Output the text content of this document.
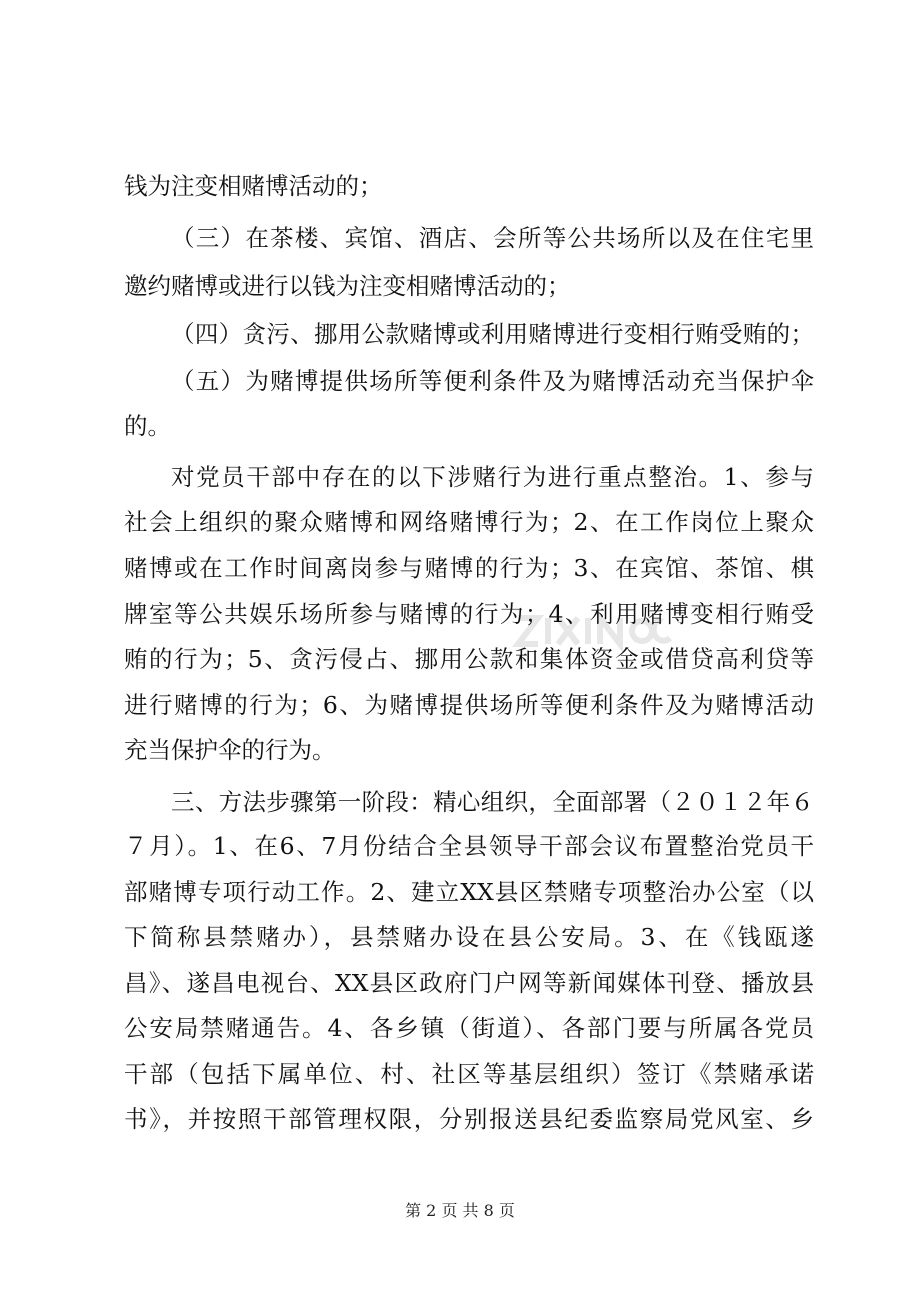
钱为注变相赌博活动的；
（三）在茶楼、宾馆、酒店、会所等公共场所以及在住宅里
邀约赌博或进行以钱为注变相赌博活动的；
（四）贪污、挪用公款赌博或利用赌博进行变相行贿受贿的；
（五）为赌博提供场所等便利条件及为赌博活动充当保护伞
的。
对党员干部中存在的以下涉赌行为进行重点整治。1、参与
社会上组织的聚众赌博和网络赌博行为；2、在工作岗位上聚众
赌博或在工作时间离岗参与赌博的行为；3、在宾馆、茶馆、棋
牌室等公共娱乐场所参与赌博的行为；4、利用赌博变相行贿受
贿的行为；5、贪污侵占、挪用公款和集体资金或借贷高利贷等
进行赌博的行为；6、为赌博提供场所等便利条件及为赌博活动
充当保护伞的行为。
三、方法步骤第一阶段：精心组织，全面部署（２０１２年６
７月）。1、在6、7月份结合全县领导干部会议布置整治党员干
部赌博专项行动工作。2、建立XX县区禁赌专项整治办公室（以
下简称县禁赌办），县禁赌办设在县公安局。3、在《钱瓯遂
昌》、遂昌电视台、XX县区政府门户网等新闻媒体刊登、播放县
公安局禁赌通告。4、各乡镇（街道）、各部门要与所属各党员
干部（包括下属单位、村、社区等基层组织）签订《禁赌承诺
书》，并按照干部管理权限，分别报送县纪委监察局党风室、乡
第 2 页 共 8 页
